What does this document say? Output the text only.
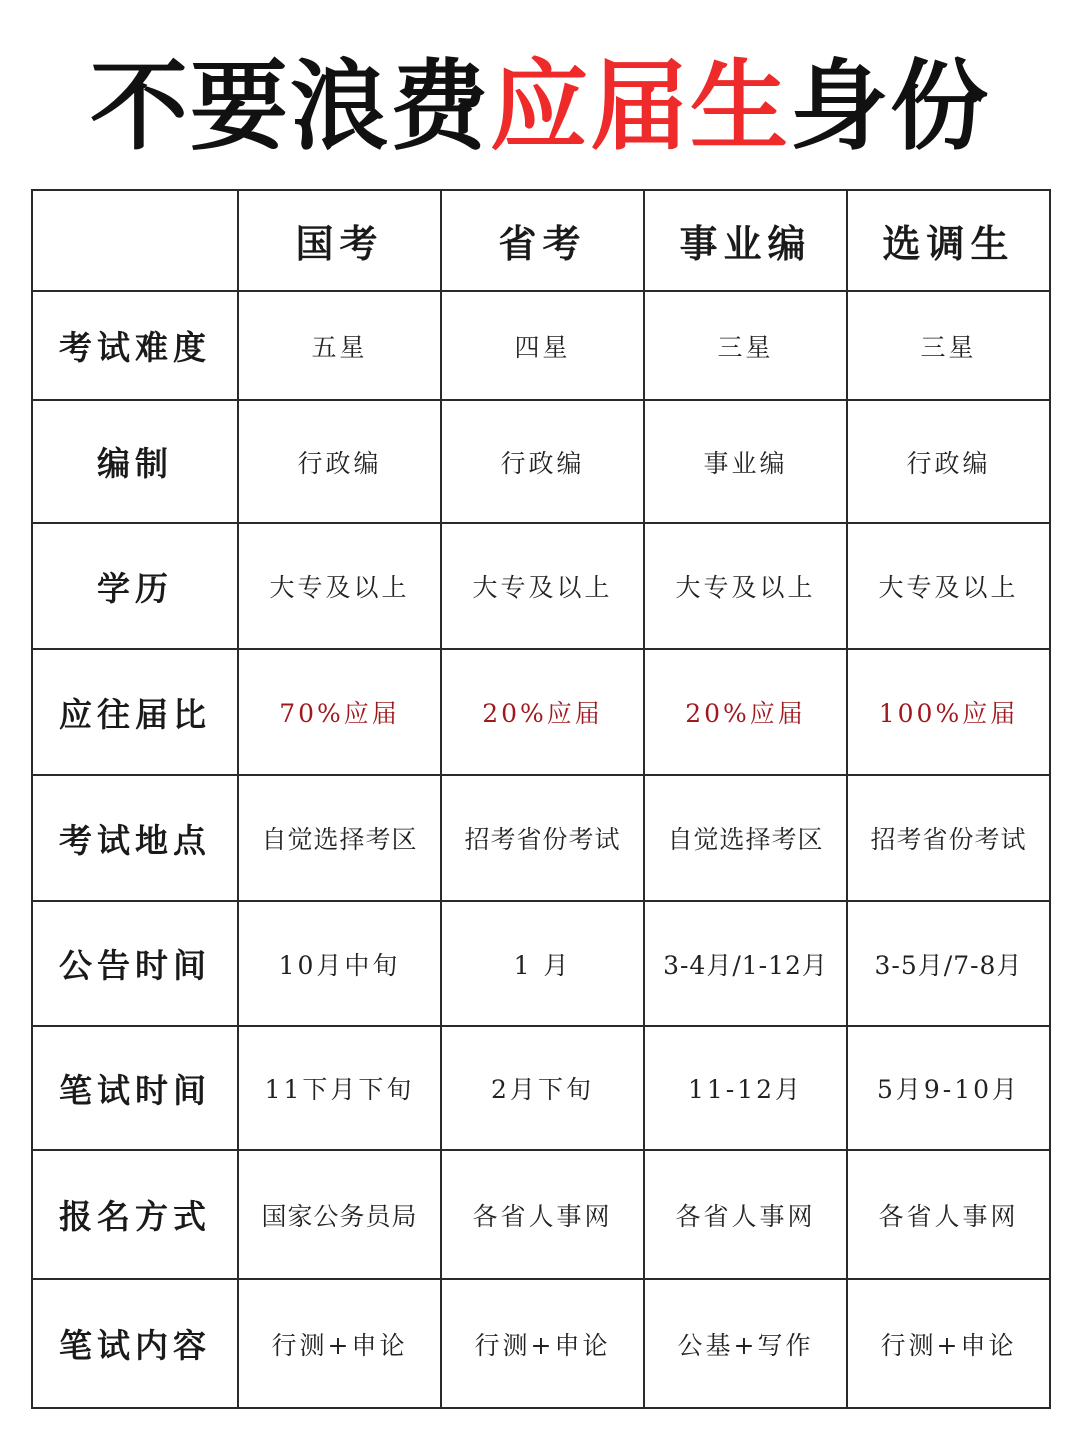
不要浪费应届生身份
	国考	省考	事业编	选调生
考试难度	五星	四星	三星	三星
编制	行政编	行政编	事业编	行政编
学历	大专及以上	大专及以上	大专及以上	大专及以上
应往届比	70%应届	20%应届	20%应届	100%应届
考试地点	自觉选择考区	招考省份考试	自觉选择考区	招考省份考试
公告时间	10月中旬	1 月	3-4月/1-12月	3-5月/7-8月
笔试时间	11下月下旬	2月下旬	11-12月	5月9-10月
报名方式	国家公务员局	各省人事网	各省人事网	各省人事网
笔试内容	行测+申论	行测+申论	公基+写作	行测+申论
